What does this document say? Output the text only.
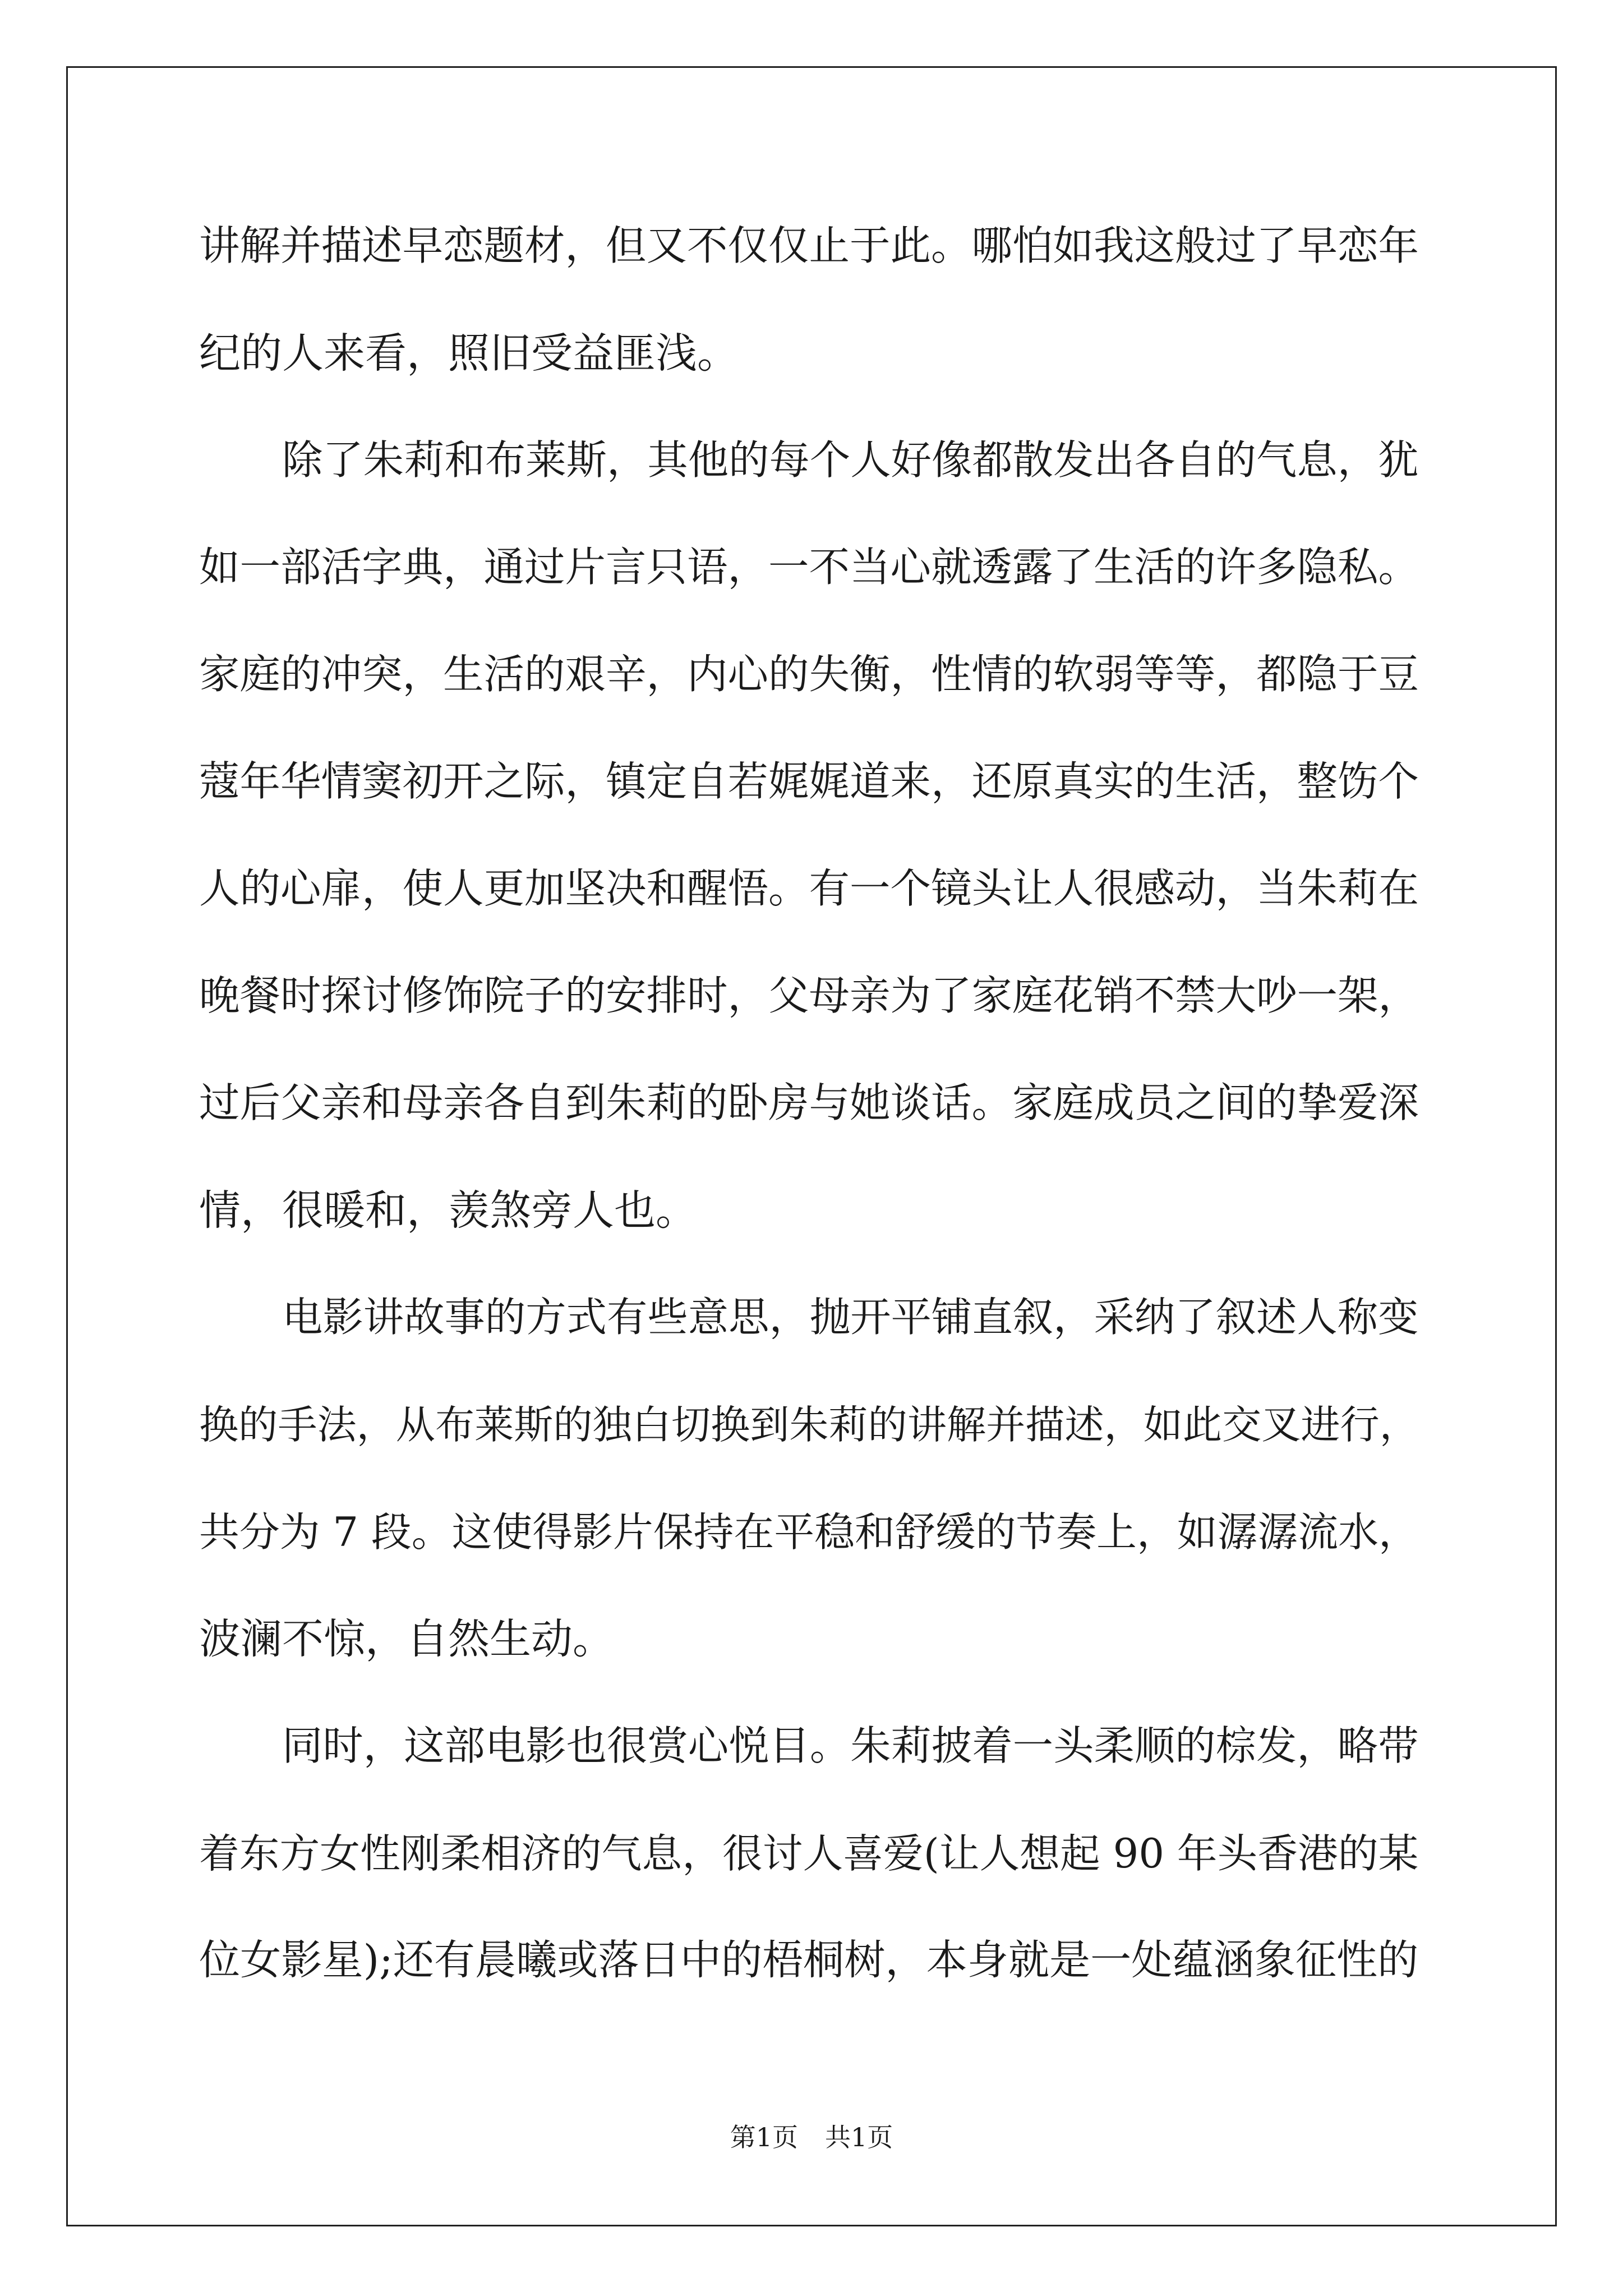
讲解并描述早恋题材，但又不仅仅止于此。哪怕如我这般过了早恋年
纪的人来看，照旧受益匪浅。
除了朱莉和布莱斯，其他的每个人好像都散发出各自的气息，犹
如一部活字典，通过片言只语，一不当心就透露了生活的许多隐私。
家庭的冲突，生活的艰辛，内心的失衡，性情的软弱等等，都隐于豆
蔻年华情窦初开之际，镇定自若娓娓道来，还原真实的生活，整饬个
人的心扉，使人更加坚决和醒悟。有一个镜头让人很感动，当朱莉在
晚餐时探讨修饰院子的安排时，父母亲为了家庭花销不禁大吵一架，
过后父亲和母亲各自到朱莉的卧房与她谈话。家庭成员之间的挚爱深
情，很暖和，羡煞旁人也。
电影讲故事的方式有些意思，抛开平铺直叙，采纳了叙述人称变
换的手法，从布莱斯的独白切换到朱莉的讲解并描述，如此交叉进行，
共分为 7 段。这使得影片保持在平稳和舒缓的节奏上，如潺潺流水，
波澜不惊，自然生动。
同时，这部电影也很赏心悦目。朱莉披着一头柔顺的棕发，略带
着东方女性刚柔相济的气息，很讨人喜爱(让人想起 90 年头香港的某
位女影星);还有晨曦或落日中的梧桐树，本身就是一处蕴涵象征性的
第1页 共1页
